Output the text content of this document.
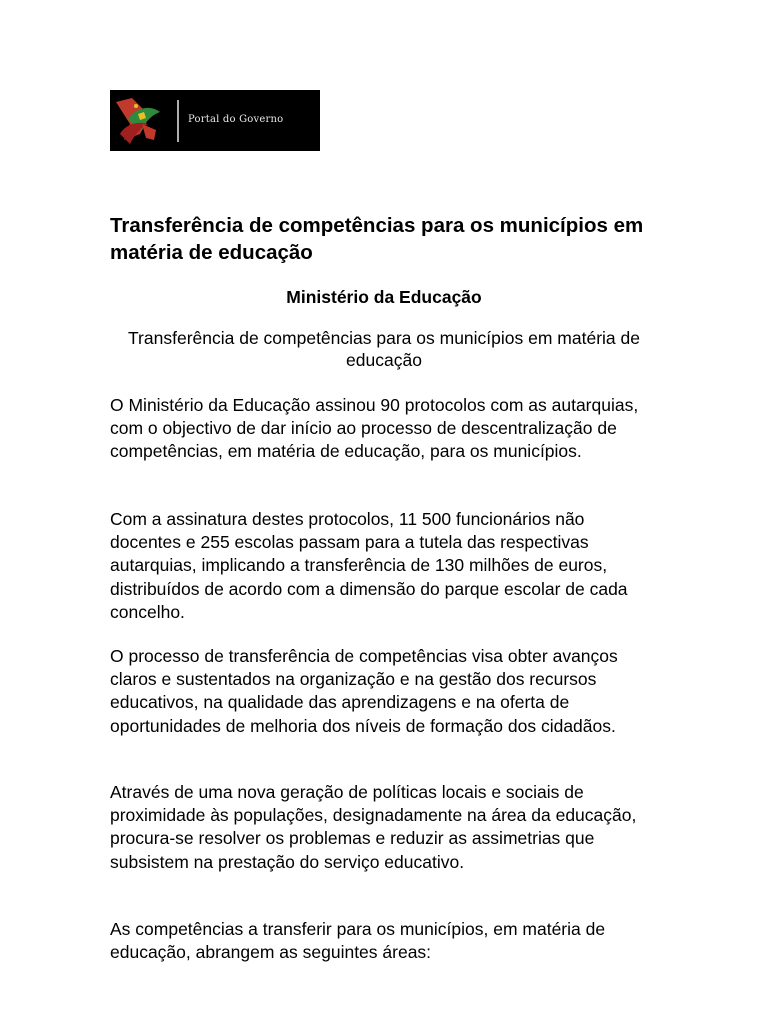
Portal do Governo
Transferência de competências para os municípios em matéria de educação

Ministério da Educação

Transferência de competências para os municípios em matéria de educação

O Ministério da Educação assinou 90 protocolos com as autarquias, com o objectivo de dar início ao processo de descentralização de competências, em matéria de educação, para os municípios.

Com a assinatura destes protocolos, 11 500 funcionários não docentes e 255 escolas passam para a tutela das respectivas autarquias, implicando a transferência de 130 milhões de euros, distribuídos de acordo com a dimensão do parque escolar de cada concelho.

O processo de transferência de competências visa obter avanços claros e sustentados na organização e na gestão dos recursos educativos, na qualidade das aprendizagens e na oferta de oportunidades de melhoria dos níveis de formação dos cidadãos.

Através de uma nova geração de políticas locais e sociais de proximidade às populações, designadamente na área da educação, procura-se resolver os problemas e reduzir as assimetrias que subsistem na prestação do serviço educativo.

As competências a transferir para os municípios, em matéria de educação, abrangem as seguintes áreas:
